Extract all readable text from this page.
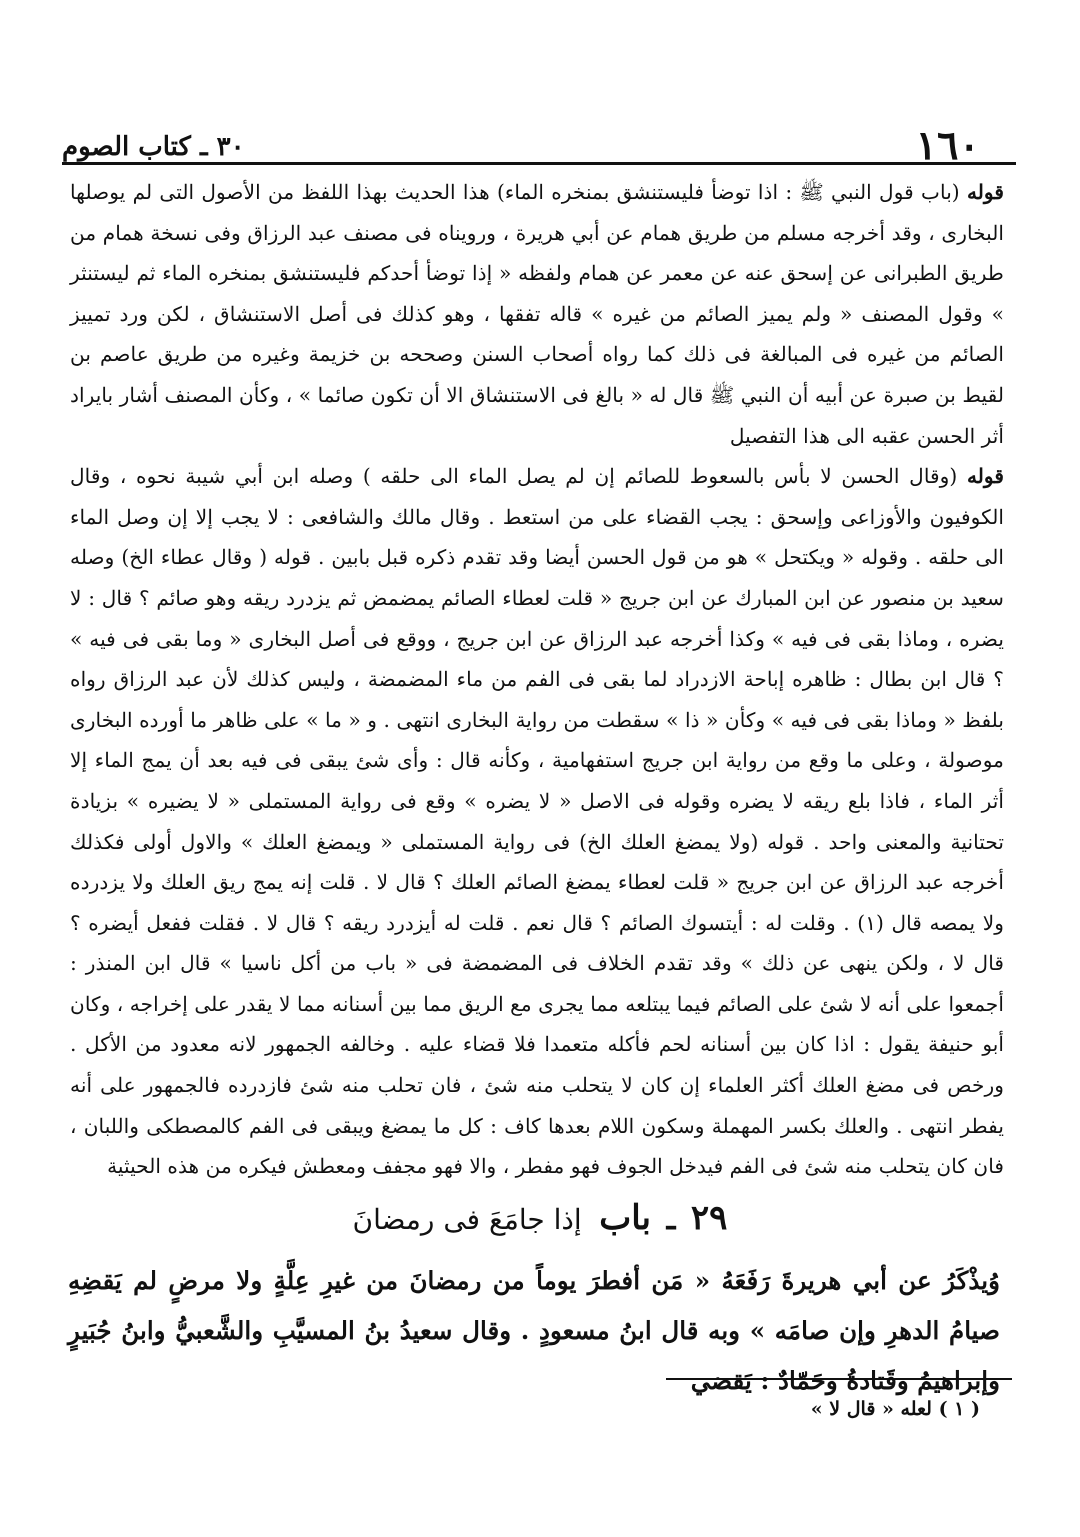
١٦٠
٣٠ ـ كتاب الصوم

قوله (باب قول النبي ﷺ : اذا توضأ فليستنشق بمنخره الماء) هذا الحديث بهذا اللفظ من الأصول التى لم يوصلها البخارى ، وقد أخرجه مسلم من طريق همام عن أبي هريرة ، ورويناه فى مصنف عبد الرزاق وفى نسخة همام من طريق الطبرانى عن إسحق عنه عن معمر عن همام ولفظه « إذا توضأ أحدكم فليستنشق بمنخره الماء ثم ليستنثر » وقول المصنف « ولم يميز الصائم من غيره » قاله تفقها ، وهو كذلك فى أصل الاستنشاق ، لكن ورد تمييز الصائم من غيره فى المبالغة فى ذلك كما رواه أصحاب السنن وصححه بن خزيمة وغيره من طريق عاصم بن لقيط بن صبرة عن أبيه أن النبي ﷺ قال له « بالغ فى الاستنشاق الا أن تكون صائما » ، وكأن المصنف أشار بايراد أثر الحسن عقبه الى هذا التفصيل

قوله (وقال الحسن لا بأس بالسعوط للصائم إن لم يصل الماء الى حلقه ) وصله ابن أبي شيبة نحوه ، وقال الكوفيون والأوزاعى وإسحق : يجب القضاء على من استعط . وقال مالك والشافعى : لا يجب إلا إن وصل الماء الى حلقه . وقوله « ويكتحل » هو من قول الحسن أيضا وقد تقدم ذكره قبل بابين . قوله ( وقال عطاء الخ) وصله سعيد بن منصور عن ابن المبارك عن ابن جريج « قلت لعطاء الصائم يمضمض ثم يزدرد ريقه وهو صائم ؟ قال : لا يضره ، وماذا بقى فى فيه » وكذا أخرجه عبد الرزاق عن ابن جريج ، ووقع فى أصل البخارى « وما بقى فى فيه » ؟ قال ابن بطال : ظاهره إباحة الازدراد لما بقى فى الفم من ماء المضمضة ، وليس كذلك لأن عبد الرزاق رواه بلفظ « وماذا بقى فى فيه » وكأن « ذا » سقطت من رواية البخارى انتهى . و « ما » على ظاهر ما أورده البخارى موصولة ، وعلى ما وقع من رواية ابن جريج استفهامية ، وكأنه قال : وأى شئ يبقى فى فيه بعد أن يمج الماء إلا أثر الماء ، فاذا بلع ريقه لا يضره وقوله فى الاصل « لا يضره » وقع فى رواية المستملى « لا يضيره » بزيادة تحتانية والمعنى واحد . قوله (ولا يمضغ العلك الخ) فى رواية المستملى « ويمضغ العلك » والاول أولى فكذلك أخرجه عبد الرزاق عن ابن جريج « قلت لعطاء يمضغ الصائم العلك ؟ قال لا . قلت إنه يمج ريق العلك ولا يزدرده ولا يمصه قال (١) . وقلت له : أيتسوك الصائم ؟ قال نعم . قلت له أيزدرد ريقه ؟ قال لا . فقلت ففعل أيضره ؟ قال لا ، ولكن ينهى عن ذلك » وقد تقدم الخلاف فى المضمضة فى « باب من أكل ناسيا » قال ابن المنذر : أجمعوا على أنه لا شئ على الصائم فيما يبتلعه مما يجرى مع الريق مما بين أسنانه مما لا يقدر على إخراجه ، وكان أبو حنيفة يقول : اذا كان بين أسنانه لحم فأكله متعمدا فلا قضاء عليه . وخالفه الجمهور لانه معدود من الأكل . ورخص فى مضغ العلك أكثر العلماء إن كان لا يتحلب منه شئ ، فان تحلب منه شئ فازدرده فالجمهور على أنه يفطر انتهى . والعلك بكسر المهملة وسكون اللام بعدها كاف : كل ما يمضغ ويبقى فى الفم كالمصطكى واللبان ، فان كان يتحلب منه شئ فى الفم فيدخل الجوف فهو مفطر ، والا فهو مجفف ومعطش فيكره من هذه الحيثية

٢٩ ـ باب إذا جامَعَ فى رمضانَ

وُيذْكَرُ عن أبي هريرةَ رَفَعَهُ « مَن أفطرَ يوماً من رمضانَ من غيرِ عِلَّةٍ ولا مرضٍ لم يَقضِهِ صيامُ الدهرِ وإن صامَه » وبه قال ابنُ مسعودٍ . وقال سعيدُ بنُ المسيَّبِ والشَّعبيُّ وابنُ جُبَيرٍ وإبراهيمُ وقَتادةُ وحَمّادٌ : يَقضي

( ١ ) لعله « قال لا »
